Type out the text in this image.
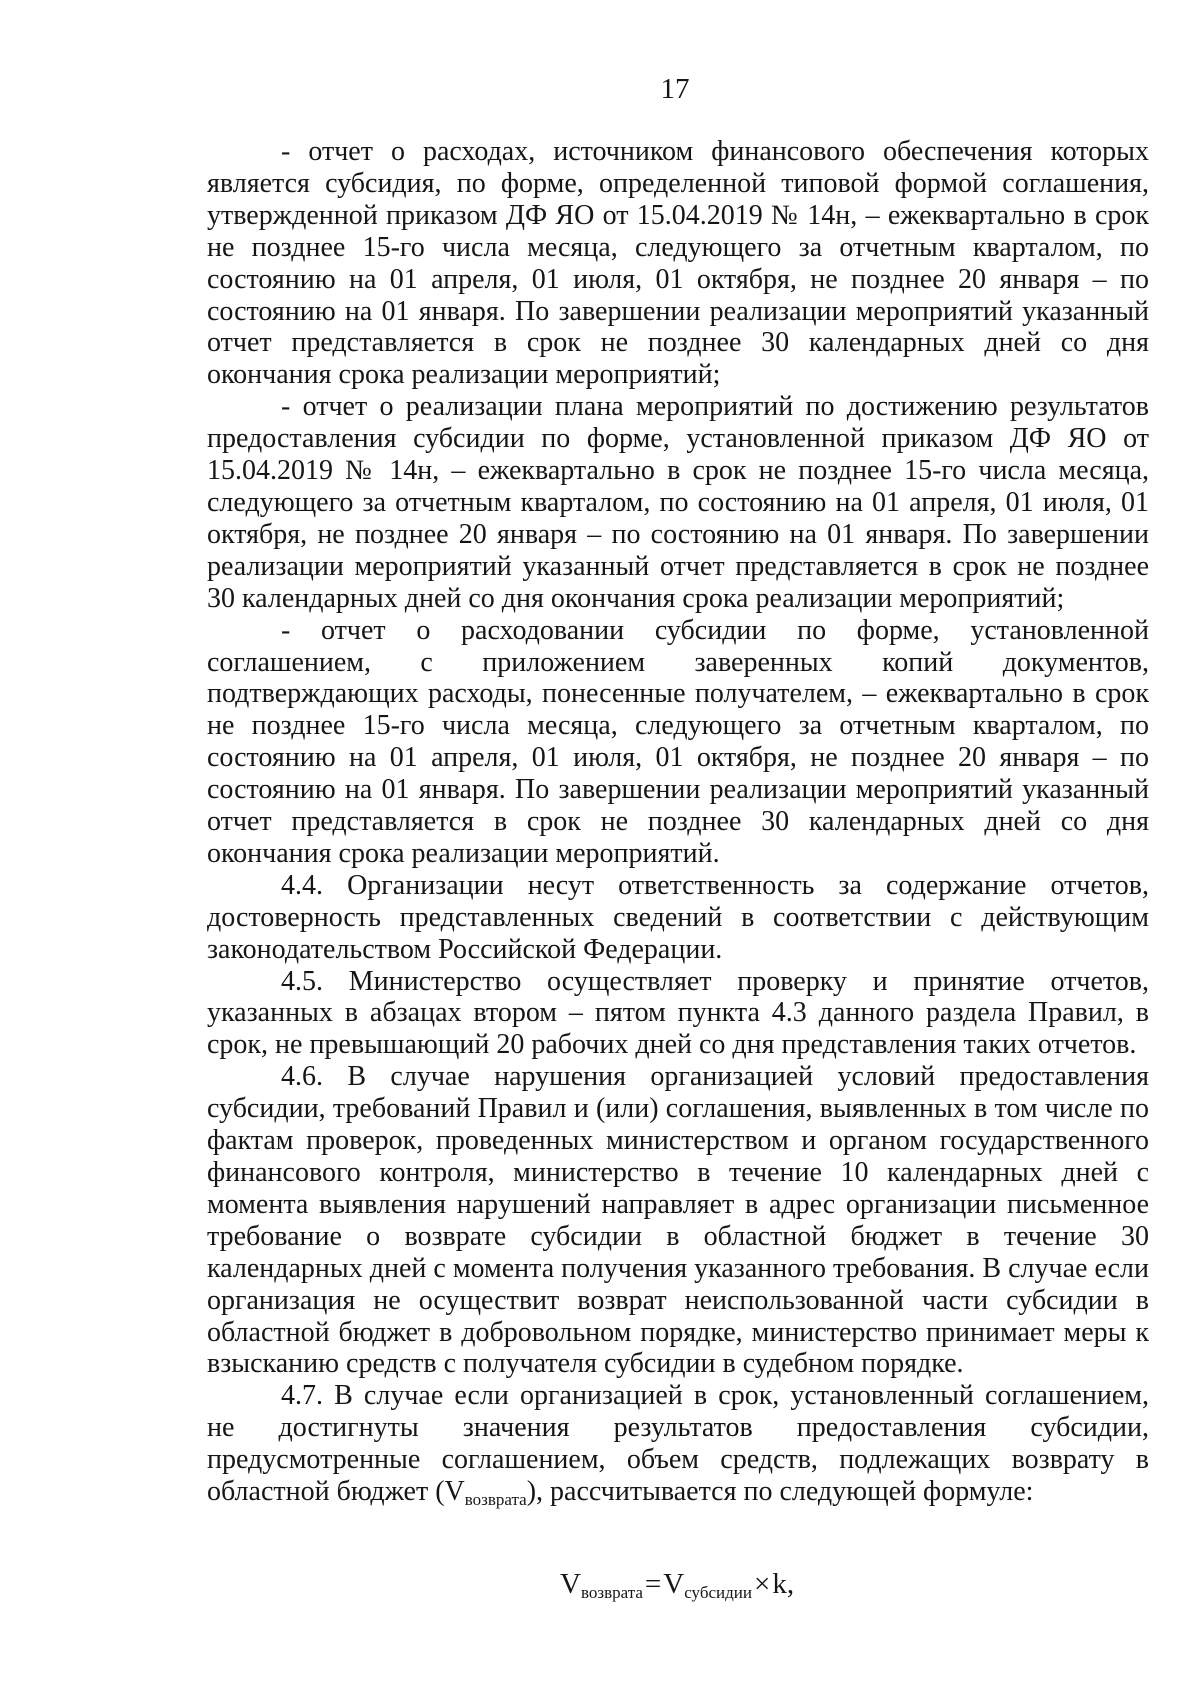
17

- отчет о расходах, источником финансового обеспечения которых является субсидия, по форме, определенной типовой формой соглашения, утвержденной приказом ДФ ЯО от 15.04.2019 № 14н, – ежеквартально в срок не позднее 15-го числа месяца, следующего за отчетным кварталом, по состоянию на 01 апреля, 01 июля, 01 октября, не позднее 20 января – по состоянию на 01 января. По завершении реализации мероприятий указанный отчет представляется в срок не позднее 30 календарных дней со дня окончания срока реализации мероприятий;

- отчет о реализации плана мероприятий по достижению результатов предоставления субсидии по форме, установленной приказом ДФ ЯО от 15.04.2019 № 14н, – ежеквартально в срок не позднее 15-го числа месяца, следующего за отчетным кварталом, по состоянию на 01 апреля, 01 июля, 01 октября, не позднее 20 января – по состоянию на 01 января. По завершении реализации мероприятий указанный отчет представляется в срок не позднее 30 календарных дней со дня окончания срока реализации мероприятий;

- отчет о расходовании субсидии по форме, установленной соглашением, с приложением заверенных копий документов, подтверждающих расходы, понесенные получателем, – ежеквартально в срок не позднее 15-го числа месяца, следующего за отчетным кварталом, по состоянию на 01 апреля, 01 июля, 01 октября, не позднее 20 января – по состоянию на 01 января. По завершении реализации мероприятий указанный отчет представляется в срок не позднее 30 календарных дней со дня окончания срока реализации мероприятий.

4.4. Организации несут ответственность за содержание отчетов, достоверность представленных сведений в соответствии с действующим законодательством Российской Федерации.

4.5. Министерство осуществляет проверку и принятие отчетов, указанных в абзацах втором – пятом пункта 4.3 данного раздела Правил, в срок, не превышающий 20 рабочих дней со дня представления таких отчетов.

4.6. В случае нарушения организацией условий предоставления субсидии, требований Правил и (или) соглашения, выявленных в том числе по фактам проверок, проведенных министерством и органом государственного финансового контроля, министерство в течение 10 календарных дней с момента выявления нарушений направляет в адрес организации письменное требование о возврате субсидии в областной бюджет в течение 30 календарных дней с момента получения указанного требования. В случае если организация не осуществит возврат неиспользованной части субсидии в областной бюджет в добровольном порядке, министерство принимает меры к взысканию средств с получателя субсидии в судебном порядке.

4.7. В случае если организацией в срок, установленный соглашением, не достигнуты значения результатов предоставления субсидии, предусмотренные соглашением, объем средств, подлежащих возврату в областной бюджет $(V_{возврата})$, рассчитывается по следующей формуле:

$V_{возврата}=V_{субсидии}\times k$,
